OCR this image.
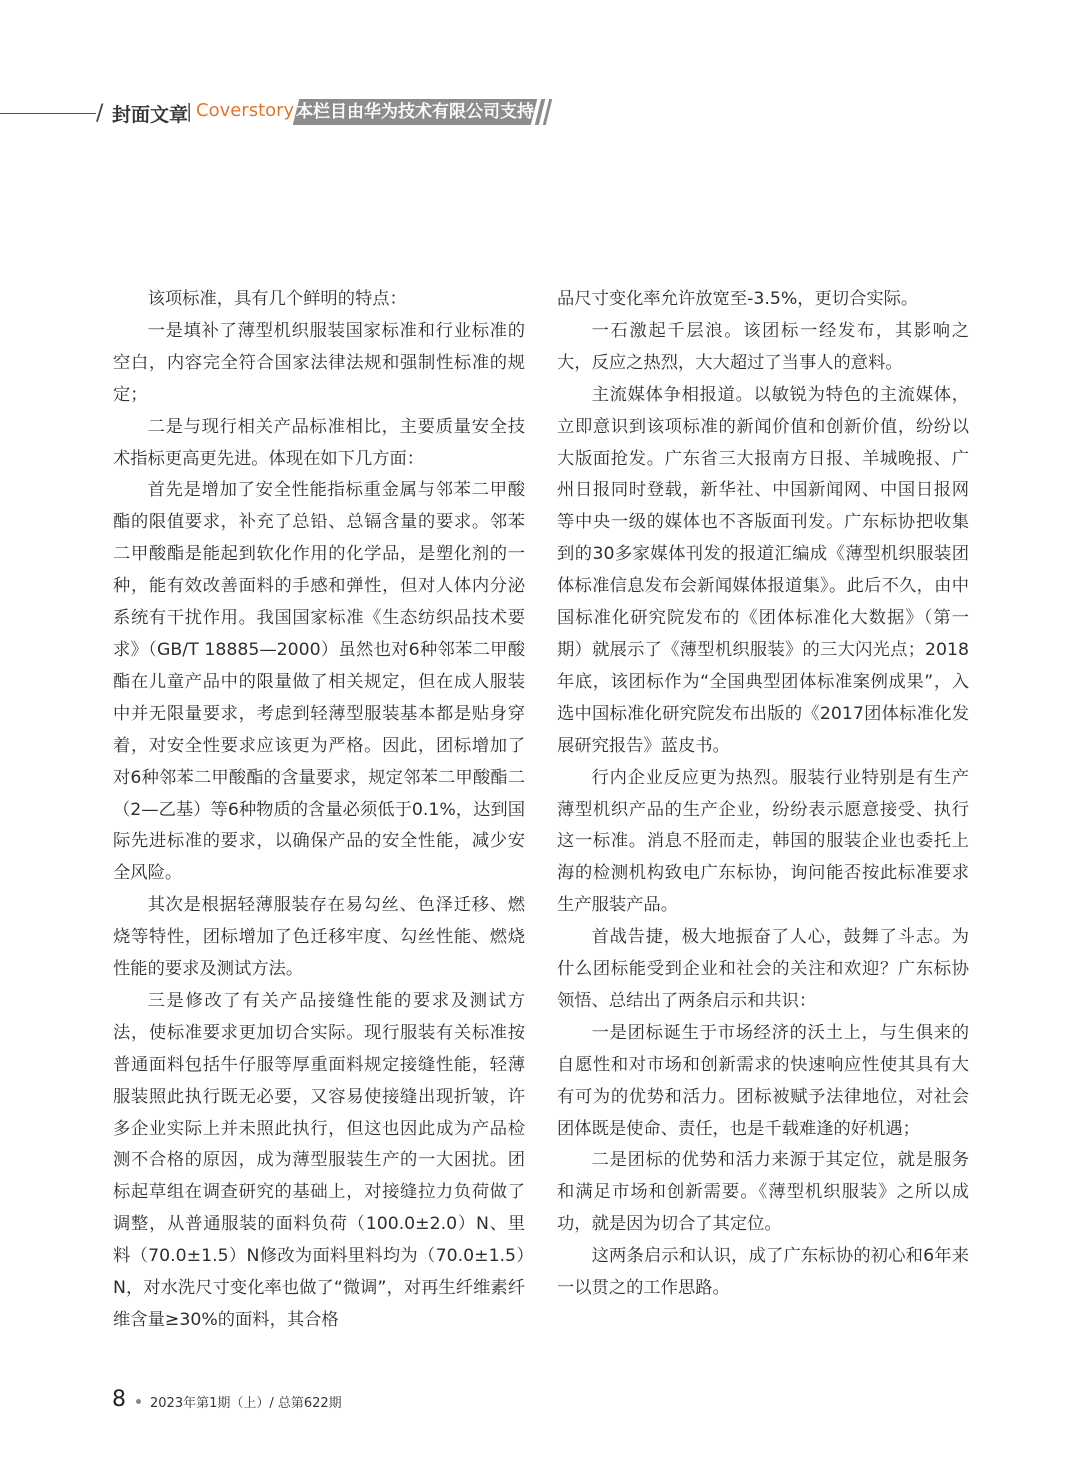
/ 封面文章
| Coverstory 本栏目由华为技术有限公司支持

该项标准，具有几个鲜明的特点：

一是填补了薄型机织服装国家标准和行业标准的空白，内容完全符合国家法律法规和强制性标准的规定；

二是与现行相关产品标准相比，主要质量安全技术指标更高更先进。体现在如下几方面：

首先是增加了安全性能指标重金属与邻苯二甲酸酯的限值要求，补充了总铅、总镉含量的要求。邻苯二甲酸酯是能起到软化作用的化学品，是塑化剂的一种，能有效改善面料的手感和弹性，但对人体内分泌系统有干扰作用。我国国家标准《生态纺织品技术要求》（GB/T 18885—2000）虽然也对6种邻苯二甲酸酯在儿童产品中的限量做了相关规定，但在成人服装中并无限量要求，考虑到轻薄型服装基本都是贴身穿着，对安全性要求应该更为严格。因此，团标增加了对6种邻苯二甲酸酯的含量要求，规定邻苯二甲酸酯二（2—乙基）等6种物质的含量必须低于0.1%，达到国际先进标准的要求，以确保产品的安全性能，减少安全风险。

其次是根据轻薄服装存在易勾丝、色泽迁移、燃烧等特性，团标增加了色迁移牢度、勾丝性能、燃烧性能的要求及测试方法。

三是修改了有关产品接缝性能的要求及测试方法，使标准要求更加切合实际。现行服装有关标准按普通面料包括牛仔服等厚重面料规定接缝性能，轻薄服装照此执行既无必要，又容易使接缝出现折皱，许多企业实际上并未照此执行，但这也因此成为产品检测不合格的原因，成为薄型服装生产的一大困扰。团标起草组在调查研究的基础上，对接缝拉力负荷做了调整，从普通服装的面料负荷（100.0±2.0）N、里料（70.0±1.5）N修改为面料里料均为（70.0±1.5）N，对水洗尺寸变化率也做了“微调”，对再生纤维素纤维含量≥30%的面料，其合格

品尺寸变化率允许放宽至-3.5%，更切合实际。

一石激起千层浪。该团标一经发布，其影响之大，反应之热烈，大大超过了当事人的意料。

主流媒体争相报道。以敏锐为特色的主流媒体，立即意识到该项标准的新闻价值和创新价值，纷纷以大版面抢发。广东省三大报南方日报、羊城晚报、广州日报同时登载，新华社、中国新闻网、中国日报网等中央一级的媒体也不吝版面刊发。广东标协把收集到的30多家媒体刊发的报道汇编成《薄型机织服装团体标准信息发布会新闻媒体报道集》。此后不久，由中国标准化研究院发布的《团体标准化大数据》（第一期）就展示了《薄型机织服装》的三大闪光点；2018年底，该团标作为“全国典型团体标准案例成果”，入选中国标准化研究院发布出版的《2017团体标准化发展研究报告》蓝皮书。

行内企业反应更为热烈。服装行业特别是有生产薄型机织产品的生产企业，纷纷表示愿意接受、执行这一标准。消息不胫而走，韩国的服装企业也委托上海的检测机构致电广东标协，询问能否按此标准要求生产服装产品。

首战告捷，极大地振奋了人心，鼓舞了斗志。为什么团标能受到企业和社会的关注和欢迎？广东标协领悟、总结出了两条启示和共识：

一是团标诞生于市场经济的沃土上，与生俱来的自愿性和对市场和创新需求的快速响应性使其具有大有可为的优势和活力。团标被赋予法律地位，对社会团体既是使命、责任，也是千载难逢的好机遇；

二是团标的优势和活力来源于其定位，就是服务和满足市场和创新需要。《薄型机织服装》之所以成功，就是因为切合了其定位。

这两条启示和认识，成了广东标协的初心和6年来一以贯之的工作思路。

8 2023年第1期（上）/ 总第622期
